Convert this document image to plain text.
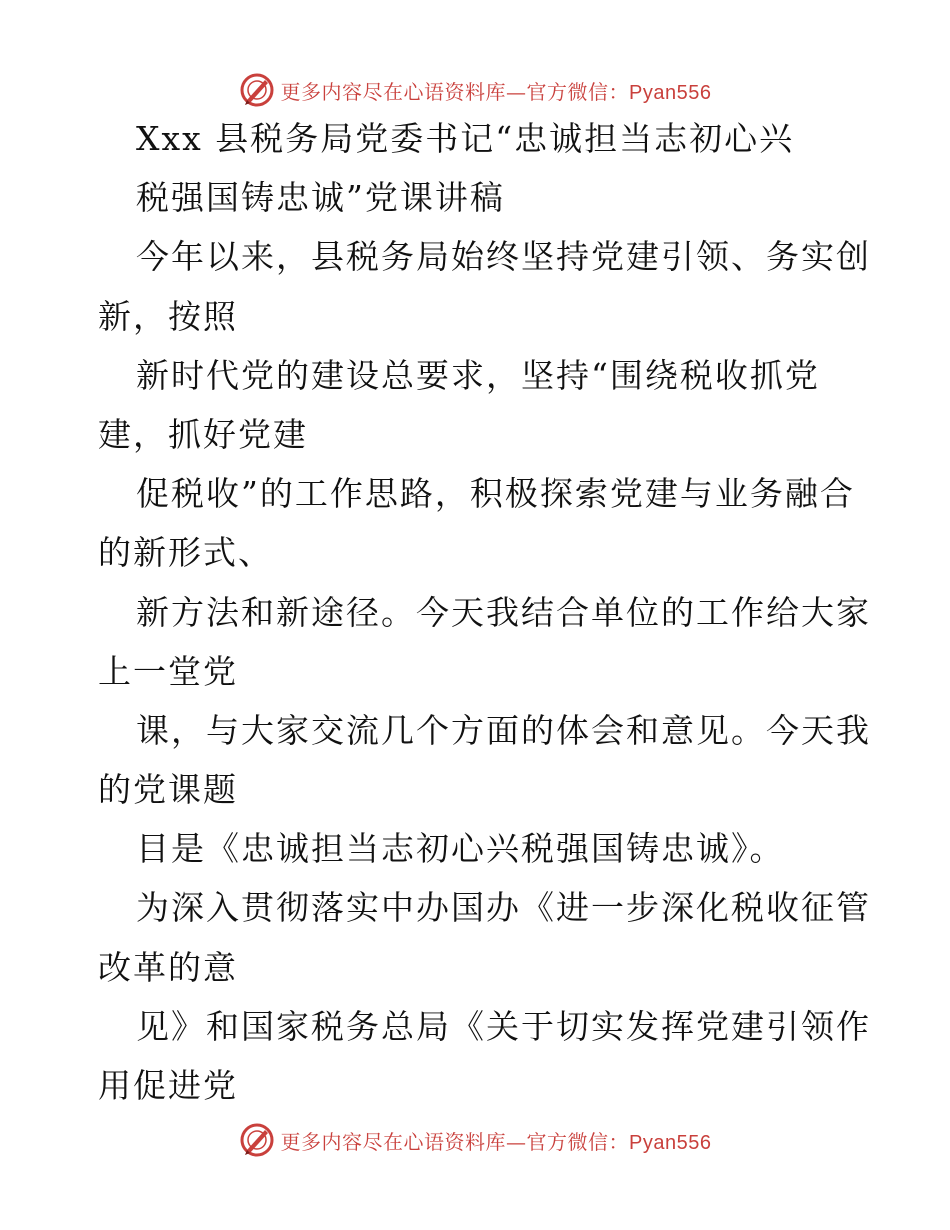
更多内容尽在心语资料库—官方微信：Pyan556
Xxx 县税务局党委书记“忠诚担当志初心兴
税强国铸忠诚”党课讲稿
今年以来，县税务局始终坚持党建引领、务实创
新，按照
新时代党的建设总要求，坚持“围绕税收抓党
建，抓好党建
促税收”的工作思路，积极探索党建与业务融合
的新形式、
新方法和新途径。今天我结合单位的工作给大家
上一堂党
课，与大家交流几个方面的体会和意见。今天我
的党课题
目是《忠诚担当志初心兴税强国铸忠诚》。
为深入贯彻落实中办国办《进一步深化税收征管
改革的意
见》和国家税务总局《关于切实发挥党建引领作
用促进党
更多内容尽在心语资料库—官方微信：Pyan556
